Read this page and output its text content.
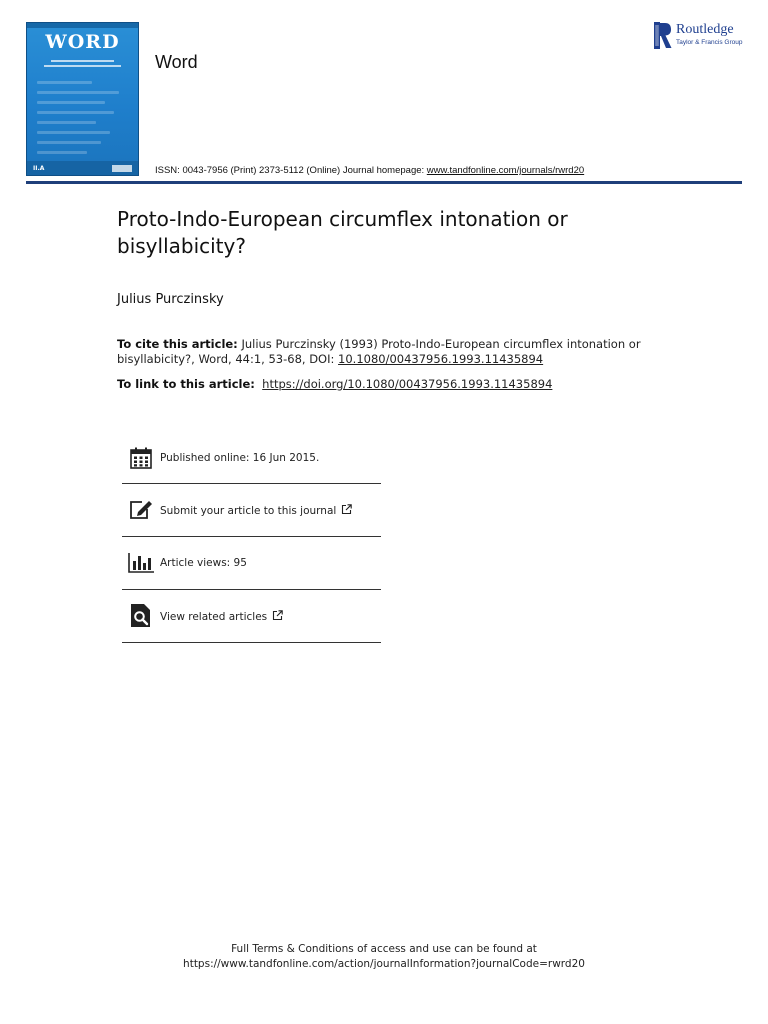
WORD
II.A
Word
ISSN: 0043-7956 (Print) 2373-5112 (Online) Journal homepage: www.tandfonline.com/journals/rwrd20
Routledge
Taylor & Francis Group
Proto-Indo-European circumflex intonation or bisyllabicity?
Julius Purczinsky
To cite this article: Julius Purczinsky (1993) Proto-Indo-European circumflex intonation or bisyllabicity?, Word, 44:1, 53-68, DOI: 10.1080/00437956.1993.11435894
To link to this article: https://doi.org/10.1080/00437956.1993.11435894
Published online: 16 Jun 2015.
Submit your article to this journal
Article views: 95
View related articles
Full Terms & Conditions of access and use can be found at
https://www.tandfonline.com/action/journalInformation?journalCode=rwrd20
